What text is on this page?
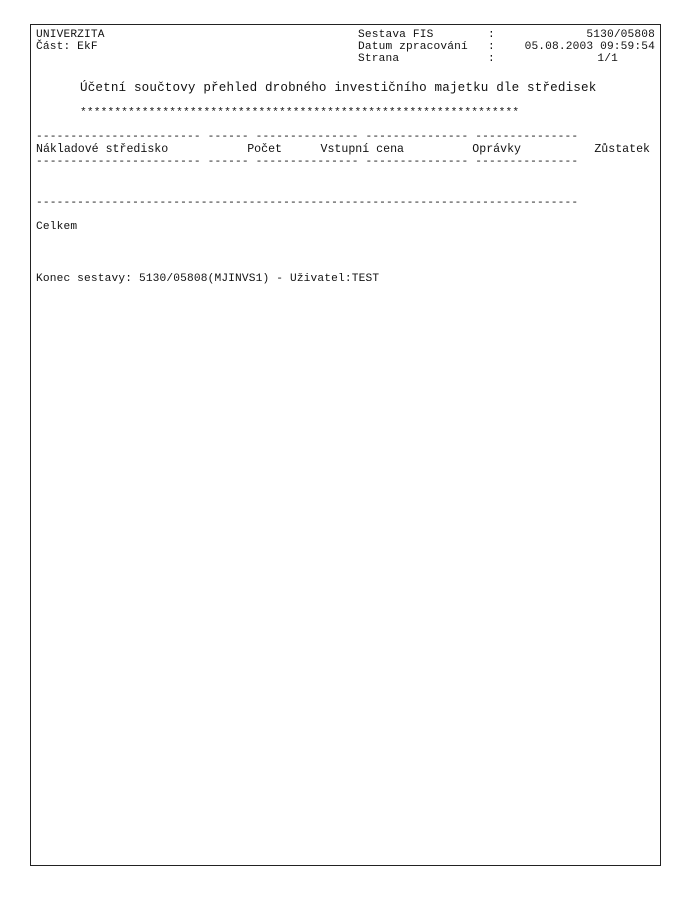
UNIVERZITA
Část: EkF
Sestava FIS	:	5130/05808
Datum zpracování :	05.08.2003 09:59:54
Strana	:	1/1
Účetní součtovy přehled drobného investičního majetku dle středisek
****************************************************************
------------------------ ------ --------------- --------------- ---------------
Nákladové středisko	Počet	Vstupní cena	Oprávky	Zůstatek
------------------------ ------ --------------- --------------- ---------------
-------------------------------------------------------------------------------
Celkem
Konec sestavy: 5130/05808(MJINVS1) - Uživatel:TEST
